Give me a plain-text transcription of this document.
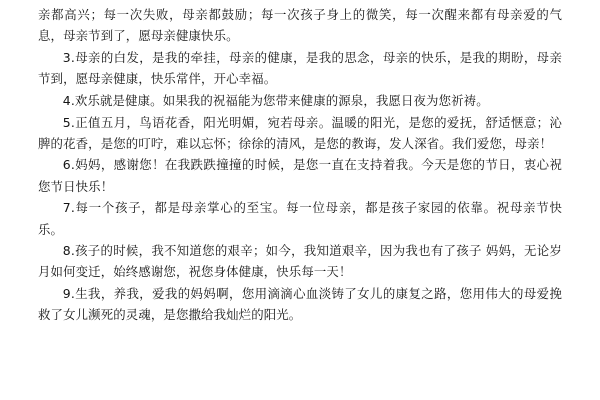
亲都高兴；每一次失败，母亲都鼓励；每一次孩子身上的微笑，每一次醒来都有母亲爱的气息，母亲节到了，愿母亲健康快乐。

3.母亲的白发，是我的牵挂，母亲的健康，是我的思念，母亲的快乐，是我的期盼，母亲节到，愿母亲健康，快乐常伴，开心幸福。

4.欢乐就是健康。如果我的祝福能为您带来健康的源泉，我愿日夜为您祈祷。

5.正值五月，鸟语花香，阳光明媚，宛若母亲。温暖的阳光，是您的爱抚，舒适惬意；沁脾的花香，是您的叮咛，难以忘怀；徐徐的清风，是您的教诲，发人深省。我们爱您，母亲！

6.妈妈，感谢您！在我跌跌撞撞的时候，是您一直在支持着我。今天是您的节日，衷心祝您节日快乐！

7.每一个孩子，都是母亲掌心的至宝。每一位母亲，都是孩子家园的依靠。祝母亲节快乐。

8.孩子的时候，我不知道您的艰辛；如今，我知道艰辛，因为我也有了孩子 妈妈，无论岁月如何变迁，始终感谢您，祝您身体健康，快乐每一天！

9.生我，养我，爱我的妈妈啊，您用滴滴心血淡铸了女儿的康复之路，您用伟大的母爱挽救了女儿濒死的灵魂，是您撒给我灿烂的阳光。
